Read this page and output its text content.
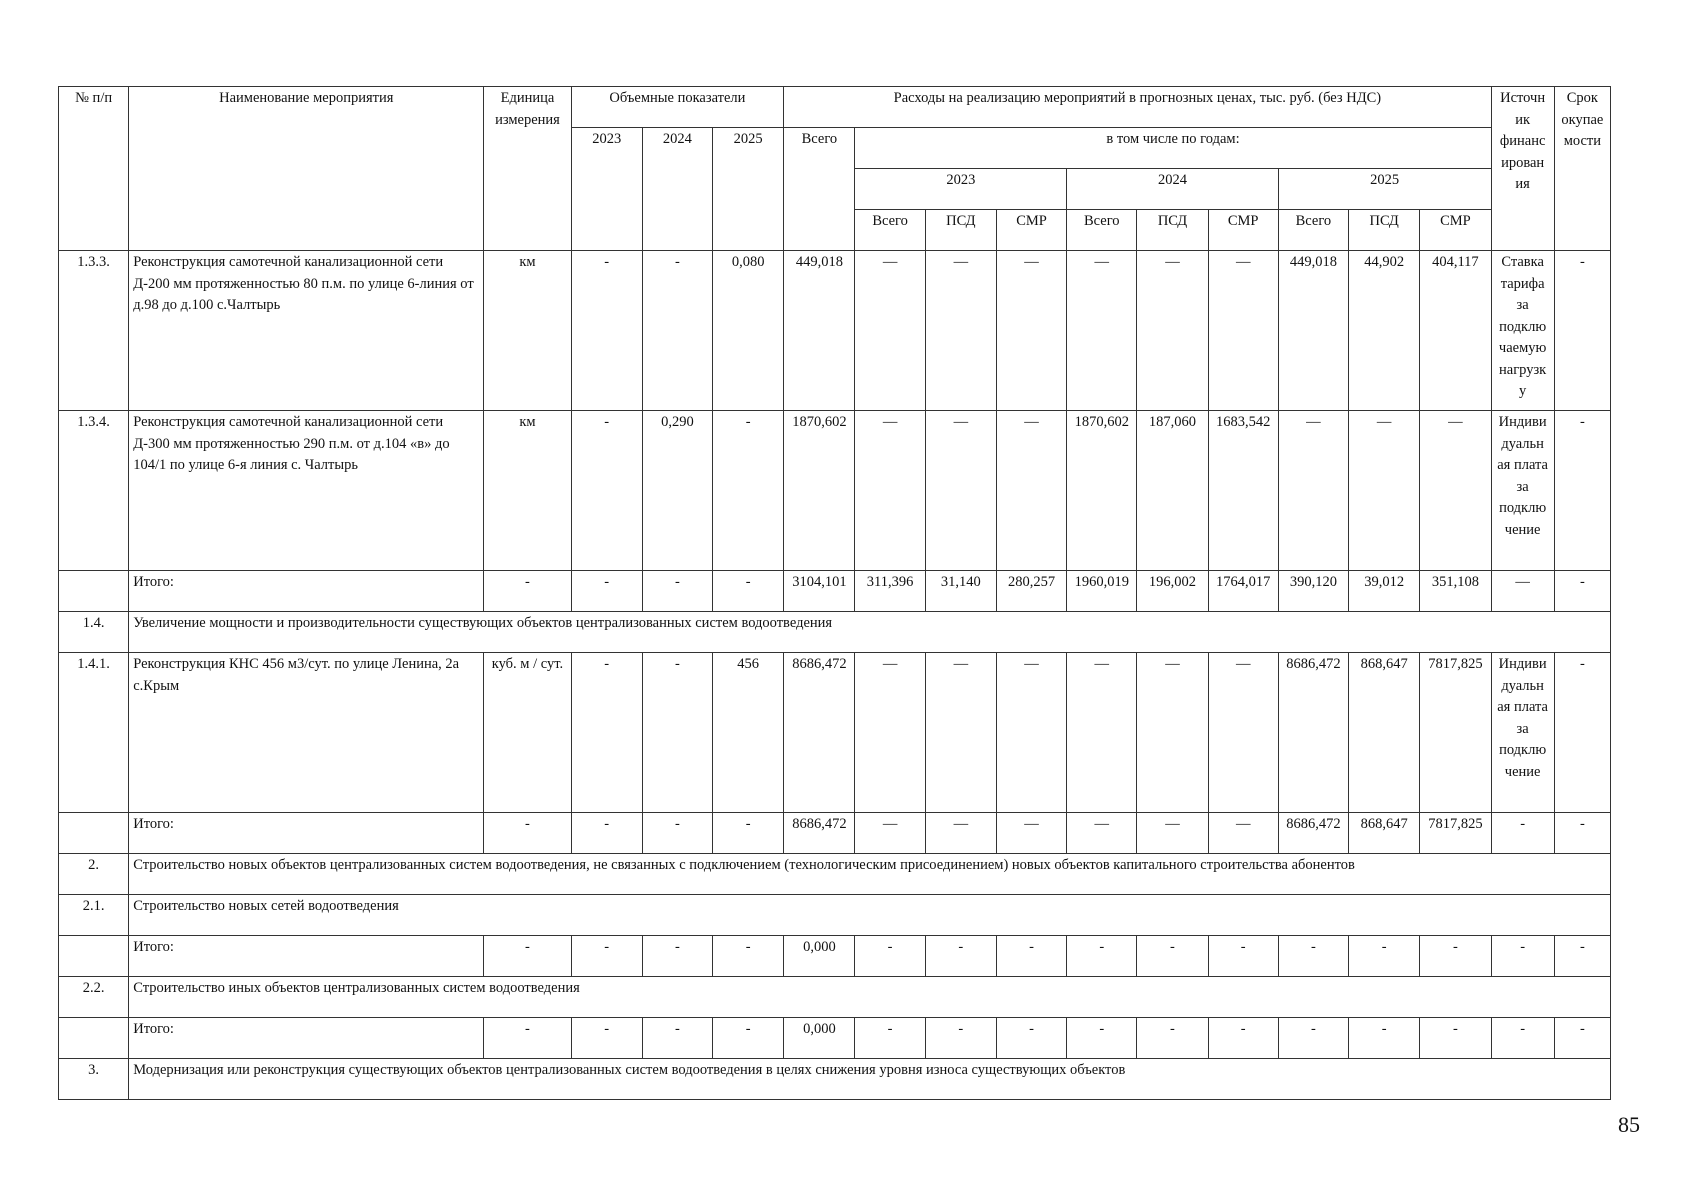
№ п/п	Наименование мероприятия	Единица измерения	Объемные показатели			Расходы на реализацию мероприятий в прогнозных ценах, тыс. руб. (без НДС)										Источн ик финанс ирован ия	Срок окупае мости
			2023	2024	2025	Всего	в том числе по годам:										
							2023			2024			2025				
							Всего	ПСД	СМР	Всего	ПСД	СМР	Всего	ПСД	СМР		
1.3.3.	Реконструкция самотечной канализационной сети Д-200 мм протяженностью 80 п.м. по улице 6-линия от д.98 до д.100 с.Чалтырь	км	-	-	0,080	449,018	—	—	—	—	—	—	449,018	44,902	404,117	Ставка тарифа за подклю чаемую нагрузк у	-
1.3.4.	Реконструкция самотечной канализационной сети Д-300 мм протяженностью 290 п.м. от д.104 «в» до 104/1 по улице 6-я линия с. Чалтырь	км	-	0,290	-	1870,602	—	—	—	1870,602	187,060	1683,542	—	—	—	Индиви дуальн ая плата за подклю чение	-
	Итого:	-	-	-	-	3104,101	311,396	31,140	280,257	1960,019	196,002	1764,017	390,120	39,012	351,108	—	-
1.4.	Увеличение мощности и производительности существующих объектов централизованных систем водоотведения																
1.4.1.	Реконструкция КНС 456 м3/сут. по улице Ленина, 2а с.Крым	куб. м / сут.	-	-	456	8686,472	—	—	—	—	—	—	8686,472	868,647	7817,825	Индиви дуальн ая плата за подклю чение	-
	Итого:	-	-	-	-	8686,472	—	—	—	—	—	—	8686,472	868,647	7817,825	-	-
2.	Строительство новых объектов централизованных систем водоотведения, не связанных с подключением (технологическим присоединением) новых объектов капитального строительства абонентов																
2.1.	Строительство новых сетей водоотведения																
	Итого:	-	-	-	-	0,000	-	-	-	-	-	-	-	-	-	-	-
2.2.	Строительство иных объектов централизованных систем водоотведения																
	Итого:	-	-	-	-	0,000	-	-	-	-	-	-	-	-	-	-	-
3.	Модернизация или реконструкция существующих объектов централизованных систем водоотведения в целях снижения уровня износа существующих объектов																
85
